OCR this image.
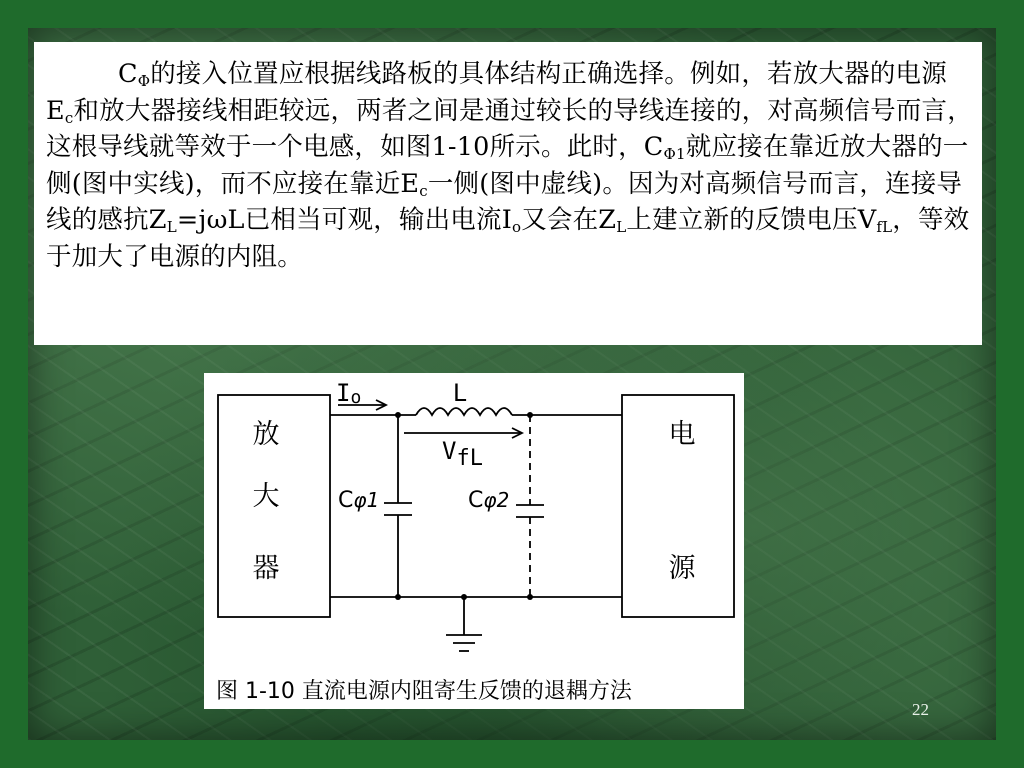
$C_\Phi$的接入位置应根据线路板的具体结构正确选择。例如，若放大器的电源$E_c$和放大器接线相距较远，两者之间是通过较长的导线连接的，对高频信号而言，这根导线就等效于一个电感，如图1-10所示。此时，$C_{\Phi 1}$就应接在靠近放大器的一侧(图中实线)，而不应接在靠近$E_c$一侧(图中虚线)。因为对高频信号而言，连接导线的感抗$Z_L=j\omega L$已相当可观，输出电流$I_o$又会在$Z_L$上建立新的反馈电压$V_{fL}$，等效于加大了电源的内阻。

放
大
器
电
源
Io	L
VfL
Cφ1	Cφ2
图 1-10 直流电源内阻寄生反馈的退耦方法
22
